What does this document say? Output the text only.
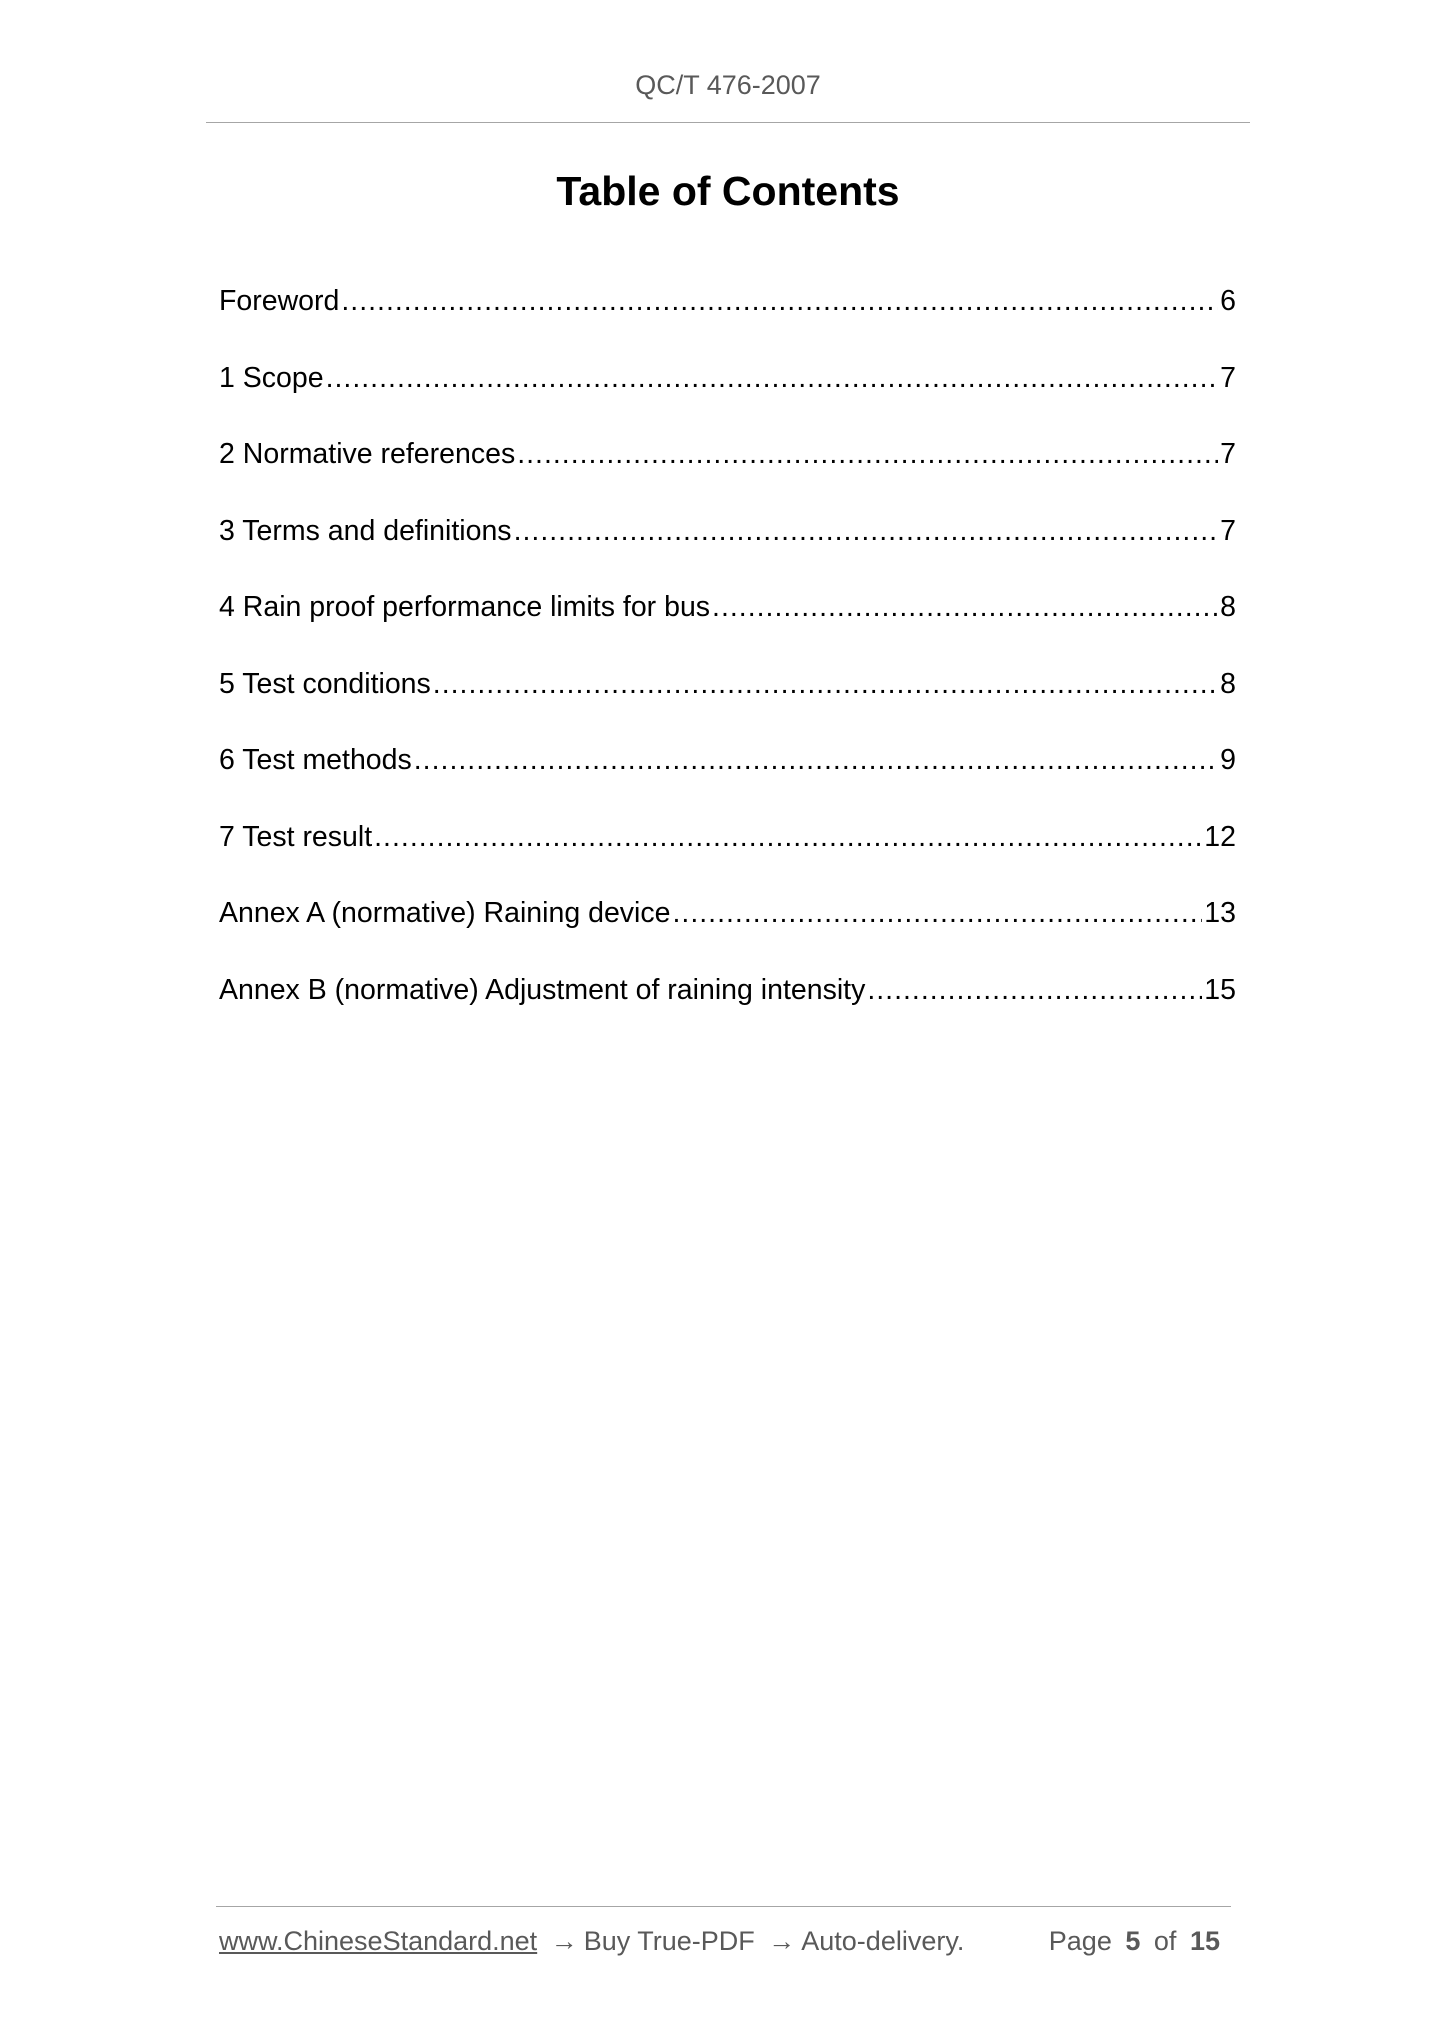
QC/T 476-2007
Table of Contents
Foreword .....	6
1 Scope .....	7
2 Normative references .....	7
3 Terms and definitions .....	7
4 Rain proof performance limits for bus .....	8
5 Test conditions .....	8
6 Test methods .....	9
7 Test result .....	12
Annex A (normative) Raining device .....	13
Annex B (normative) Adjustment of raining intensity .....	15
www.ChineseStandard.net → Buy True-PDF → Auto-delivery.	Page 5 of 15
